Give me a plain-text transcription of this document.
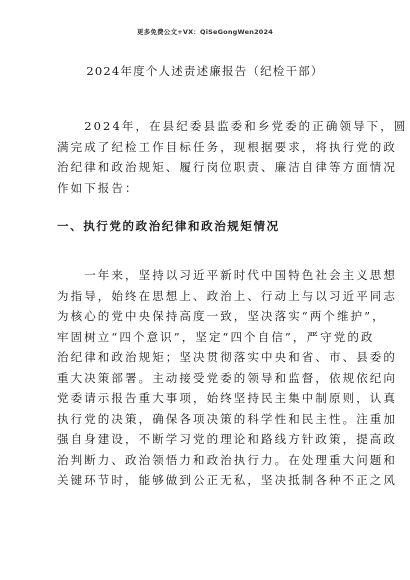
更多免费公文+VX：QiSeGongWen2024
2024年度个人述责述廉报告（纪检干部）
　　2024年，在县纪委县监委和乡党委的正确领导下，圆
满完成了纪检工作目标任务，现根据要求，将执行党的政
治纪律和政治规矩、履行岗位职责、廉洁自律等方面情况
作如下报告：
一、执行党的政治纪律和政治规矩情况
　　一年来，坚持以习近平新时代中国特色社会主义思想
为指导，始终在思想上、政治上、行动上与以习近平同志
为核心的党中央保持高度一致，坚决落实“两个维护”，
牢固树立“四个意识”，坚定“四个自信”，严守党的政
治纪律和政治规矩；坚决贯彻落实中央和省、市、县委的
重大决策部署。主动接受党委的领导和监督，依规依纪向
党委请示报告重大事项，始终坚持民主集中制原则，认真
执行党的决策，确保各项决策的科学性和民主性。注重加
强自身建设，不断学习党的理论和路线方针政策，提高政
治判断力、政治领悟力和政治执行力。在处理重大问题和
关键环节时，能够做到公正无私，坚决抵制各种不正之风
